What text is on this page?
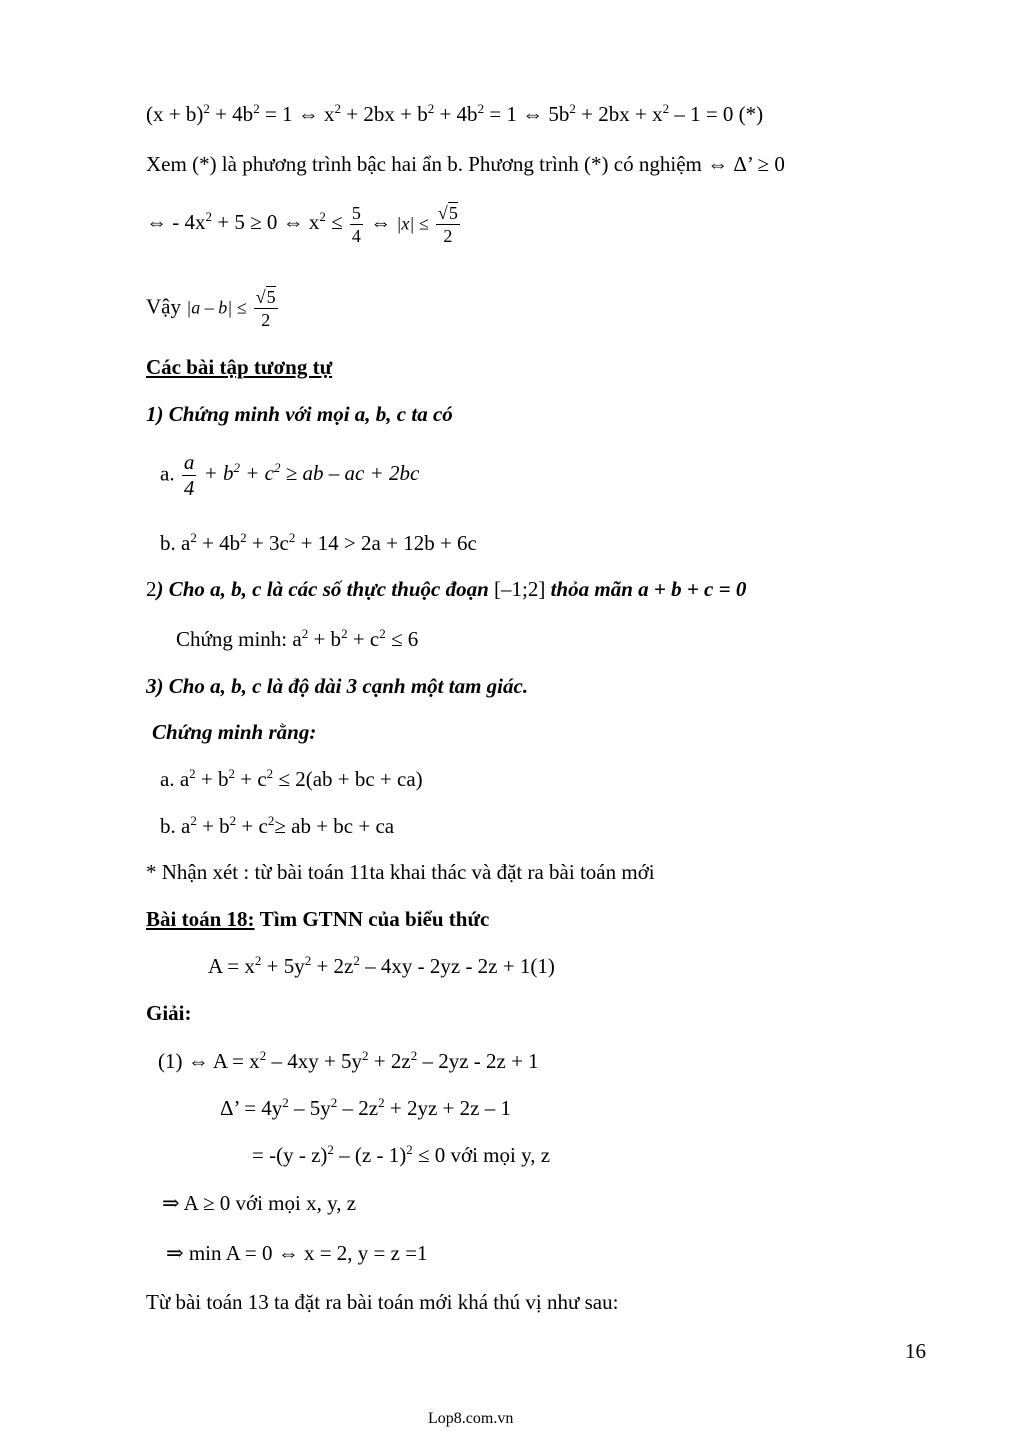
$(x + b)^2 + 4b^2 = 1$ ⇔ $x^2 + 2bx + b^2 + 4b^2 = 1$ ⇔ $5b^2 + 2bx + x^2 - 1 = 0$ (*)
Xem (*) là phương trình bậc hai ẩn b. Phương trình (*) có nghiệm ⇔ Δ’ ≥ 0
⇔ - $4x^2 + 5 \ge 0$ ⇔ $x^2 \le \frac{5}{4}$ ⇔ $|x| \le \frac{√5}{2}$
Vậy $|a - b| \le \frac{√5}{2}$
Các bài tập tương tự
1) Chứng minh với mọi a, b, c ta có
a. $\frac{a}{4} + b^2 + c^2$ ≥ ab – ac + 2bc
b. $a^2 + 4b^2 + 3c^2 + 14 > 2a + 12b + 6c$
2) Cho a, b, c là các số thực thuộc đoạn [–1;2] thỏa mãn a + b + c = 0
Chứng minh: $a^2 + b^2 + c^2 \le 6$
3) Cho a, b, c là độ dài 3 cạnh một tam giác.
Chứng minh rằng:
a. $a^2 + b^2 + c^2 \le 2(ab$ + bc + ca)
b. $a^2 + b^2 + c^2\ge$ ab + bc + ca
* Nhận xét : từ bài toán 11ta khai thác và đặt ra bài toán mới
Bài toán 18: Tìm GTNN của biểu thức
$A = x^2 + 5y^2 + 2z^2 - 4xy - 2yz - 2z + 1(1)$
Giải:
(1) ⇔ $A = x^2 - 4xy + 5y^2 + 2z^2 - 2yz - 2z + 1$
Δ’ = $4y^2 - 5y^2 - 2z^2 + 2yz + 2z - 1$
= -(y - z)$^2$ – (z - 1)$^2$ ≤ 0 với mọi y, z
⇒ A ≥ 0 với mọi x, y, z
⇒ min A = 0 ⇔ x = 2, y = z =1
Từ bài toán 13 ta đặt ra bài toán mới khá thú vị như sau:
16
Lop8.com.vn
